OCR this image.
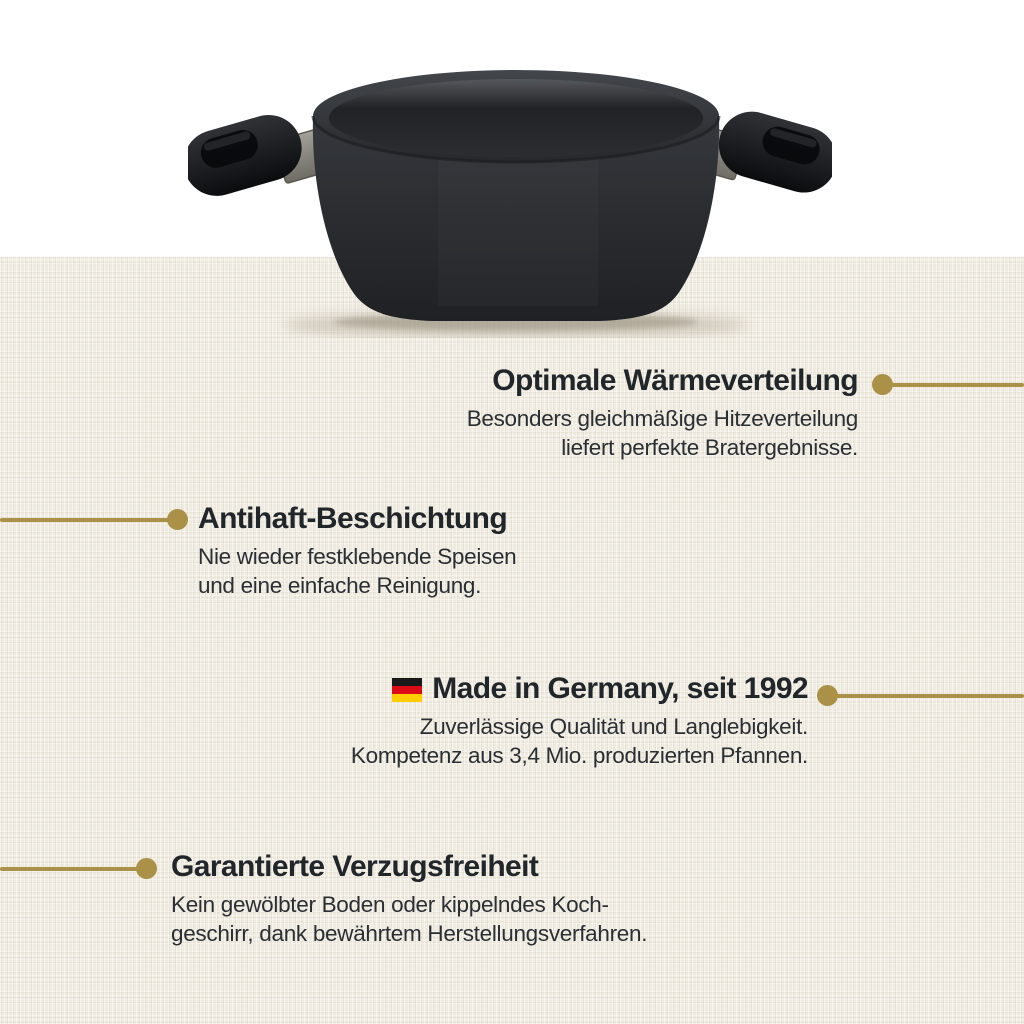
Optimale Wärmeverteilung

Besonders gleichmäßige Hitzeverteilung

liefert perfekte Bratergebnisse.

Antihaft-Beschichtung

Nie wieder festklebende Speisen

und eine einfache Reinigung.

Made in Germany, seit 1992

Zuverlässige Qualität und Langlebigkeit.

Kompetenz aus 3,4 Mio. produzierten Pfannen.

Garantierte Verzugsfreiheit

Kein gewölbter Boden oder kippelndes Koch-

geschirr, dank bewährtem Herstellungsverfahren.
